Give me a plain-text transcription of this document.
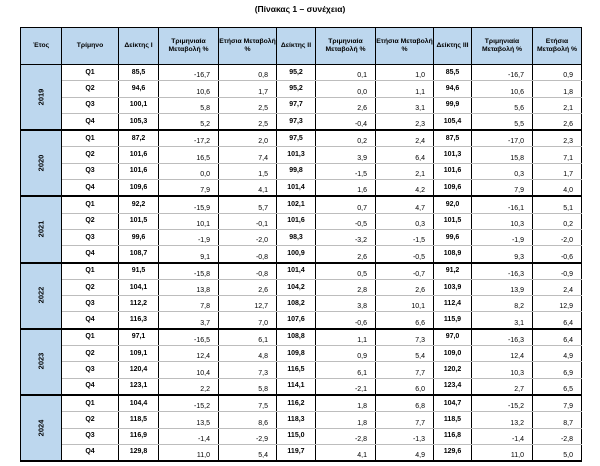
(Πίνακας 1 – συνέχεια)
Έτος	Τρίμηνο	Δείκτης I	Τριμηνιαία Μεταβολή %	Ετήσια Μεταβολή %	Δείκτης II	Τριμηνιαία Μεταβολή %	Ετήσια Μεταβολή %	Δείκτης III	Τριμηνιαία Μεταβολή %	Ετήσια Μεταβολή %
2019	Q1	85,5	-16,7	0,8	95,2	0,1	1,0	85,5	-16,7	0,9
	Q2	94,6	10,6	1,7	95,2	0,0	1,1	94,6	10,6	1,8
	Q3	100,1	5,8	2,5	97,7	2,6	3,1	99,9	5,6	2,1
	Q4	105,3	5,2	2,5	97,3	-0,4	2,3	105,4	5,5	2,6
2020	Q1	87,2	-17,2	2,0	97,5	0,2	2,4	87,5	-17,0	2,3
	Q2	101,6	16,5	7,4	101,3	3,9	6,4	101,3	15,8	7,1
	Q3	101,6	0,0	1,5	99,8	-1,5	2,1	101,6	0,3	1,7
	Q4	109,6	7,9	4,1	101,4	1,6	4,2	109,6	7,9	4,0
2021	Q1	92,2	-15,9	5,7	102,1	0,7	4,7	92,0	-16,1	5,1
	Q2	101,5	10,1	-0,1	101,6	-0,5	0,3	101,5	10,3	0,2
	Q3	99,6	-1,9	-2,0	98,3	-3,2	-1,5	99,6	-1,9	-2,0
	Q4	108,7	9,1	-0,8	100,9	2,6	-0,5	108,9	9,3	-0,6
2022	Q1	91,5	-15,8	-0,8	101,4	0,5	-0,7	91,2	-16,3	-0,9
	Q2	104,1	13,8	2,6	104,2	2,8	2,6	103,9	13,9	2,4
	Q3	112,2	7,8	12,7	108,2	3,8	10,1	112,4	8,2	12,9
	Q4	116,3	3,7	7,0	107,6	-0,6	6,6	115,9	3,1	6,4
2023	Q1	97,1	-16,5	6,1	108,8	1,1	7,3	97,0	-16,3	6,4
	Q2	109,1	12,4	4,8	109,8	0,9	5,4	109,0	12,4	4,9
	Q3	120,4	10,4	7,3	116,5	6,1	7,7	120,2	10,3	6,9
	Q4	123,1	2,2	5,8	114,1	-2,1	6,0	123,4	2,7	6,5
2024	Q1	104,4	-15,2	7,5	116,2	1,8	6,8	104,7	-15,2	7,9
	Q2	118,5	13,5	8,6	118,3	1,8	7,7	118,5	13,2	8,7
	Q3	116,9	-1,4	-2,9	115,0	-2,8	-1,3	116,8	-1,4	-2,8
	Q4	129,8	11,0	5,4	119,7	4,1	4,9	129,6	11,0	5,0
